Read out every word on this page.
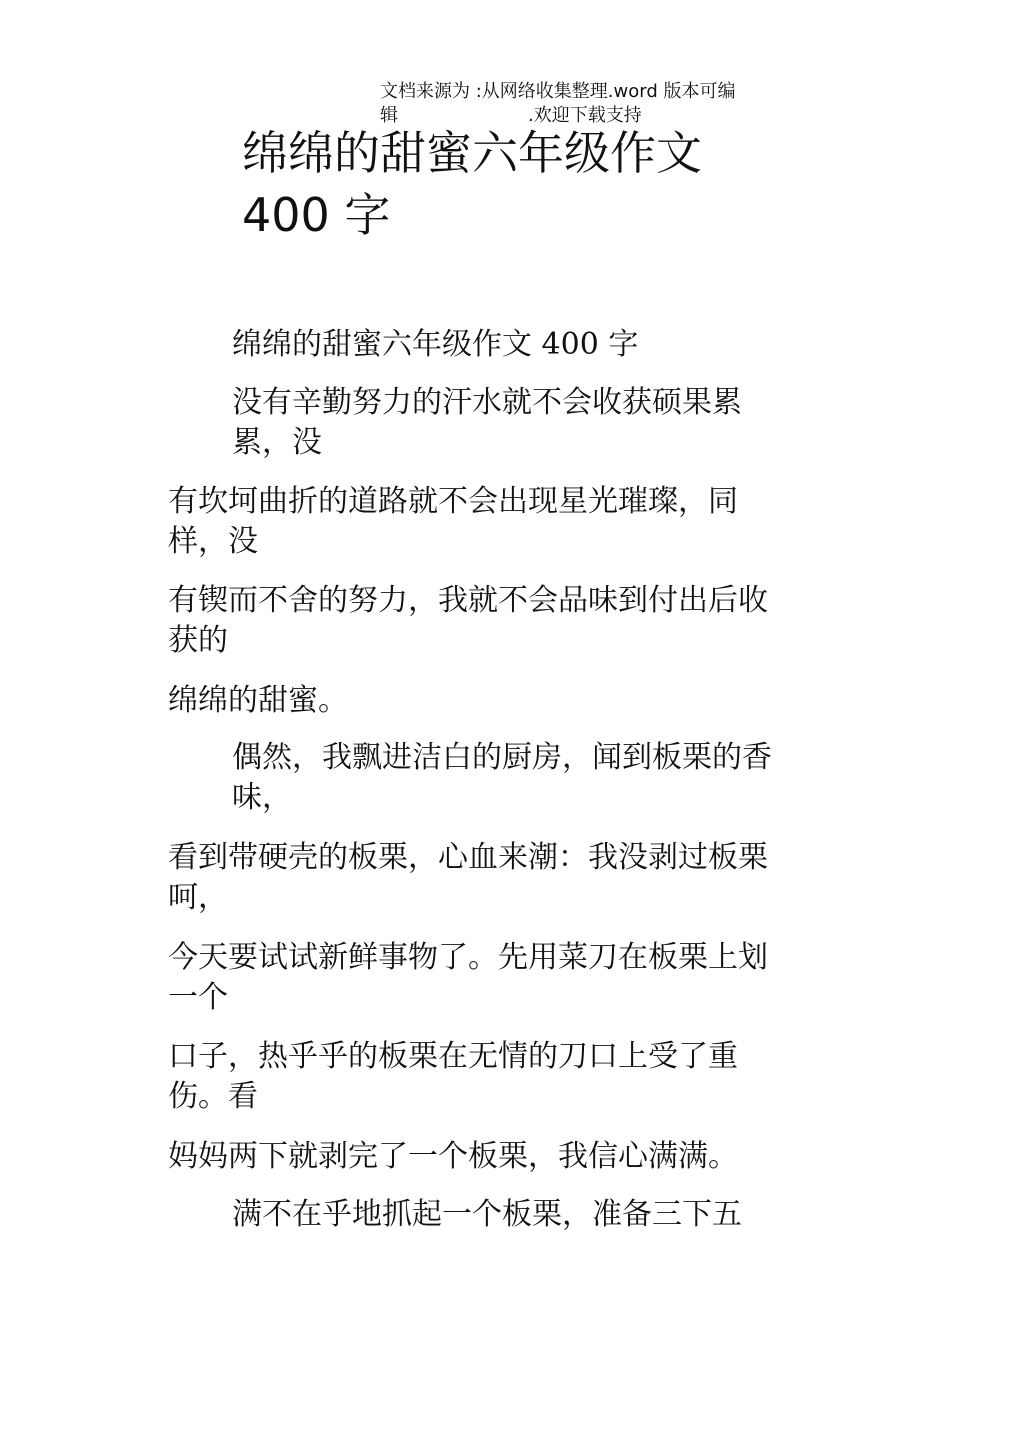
文档来源为 :从网络收集整理.word 版本可编
辑	.欢迎下载支持
绵绵的甜蜜六年级作文
400 字

绵绵的甜蜜六年级作文 400 字

没有辛勤努力的汗水就不会收获硕果累累，没

有坎坷曲折的道路就不会出现星光璀璨，同样，没

有锲而不舍的努力，我就不会品味到付出后收获的

绵绵的甜蜜。

偶然，我飘进洁白的厨房，闻到板栗的香味，

看到带硬壳的板栗，心血来潮：我没剥过板栗呵，

今天要试试新鲜事物了。先用菜刀在板栗上划一个

口子，热乎乎的板栗在无情的刀口上受了重伤。看

妈妈两下就剥完了一个板栗，我信心满满。

满不在乎地抓起一个板栗，准备三下五
